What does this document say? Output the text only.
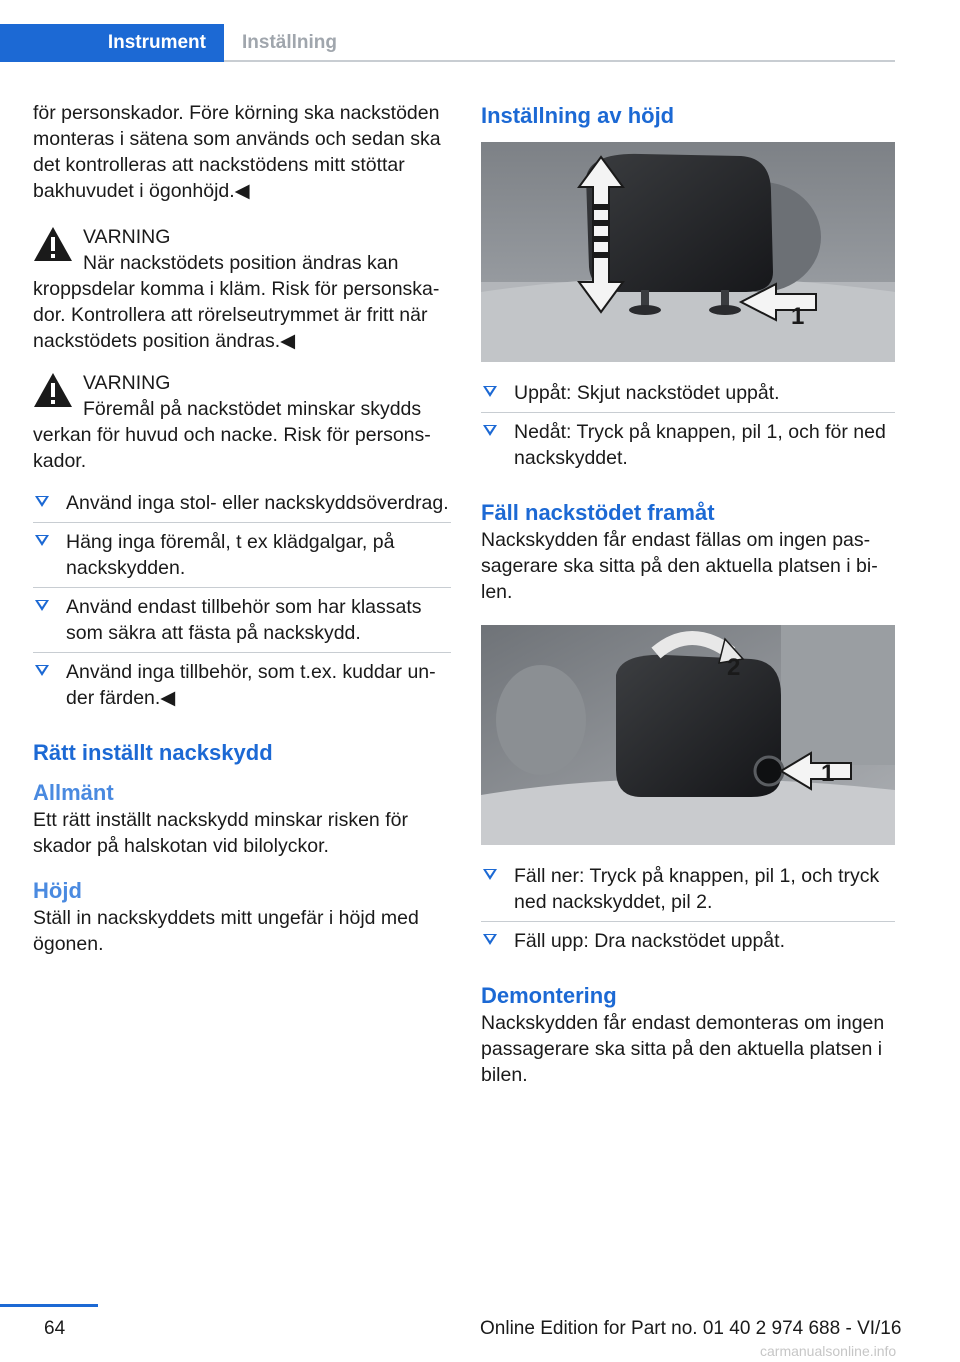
Instrument	Inställning

för personskador. Före körning ska nackstöden monteras i sätena som används och sedan ska det kontrolleras att nackstödens mitt stöttar bakhuvudet i ögonhöjd.◀

VARNING
När nackstödets position ändras kan
kroppsdelar komma i kläm. Risk för personskador. Kontrollera att rörelseutrymmet är fritt när nackstödets position ändras.◀
VARNING
Föremål på nackstödet minskar skydds
verkan för huvud och nacke. Risk för personskador.
Använd inga stol- eller nackskyddsöverdrag.
Häng inga föremål, t ex klädgalgar, på nackskydden.
Använd endast tillbehör som har klassats som säkra att fästa på nackskydd.
Använd inga tillbehör, som t.ex. kuddar under färden.◀
Rätt inställt nackskydd
Allmänt

Ett rätt inställt nackskydd minskar risken för skador på halskotan vid bilolyckor.

Höjd

Ställ in nackskyddets mitt ungefär i höjd med ögonen.

Inställning av höjd
1
Uppåt: Skjut nackstödet uppåt.
Nedåt: Tryck på knappen, pil 1, och för ned nackskyddet.
Fäll nackstödet framåt

Nackskydden får endast fällas om ingen passagerare ska sitta på den aktuella platsen i bilen.

2
1
Fäll ner: Tryck på knappen, pil 1, och tryck ned nackskyddet, pil 2.
Fäll upp: Dra nackstödet uppåt.
Demontering

Nackskydden får endast demonteras om ingen passagerare ska sitta på den aktuella platsen i bilen.

64	Online Edition for Part no. 01 40 2 974 688 - VI/16
carmanualsonline.info
